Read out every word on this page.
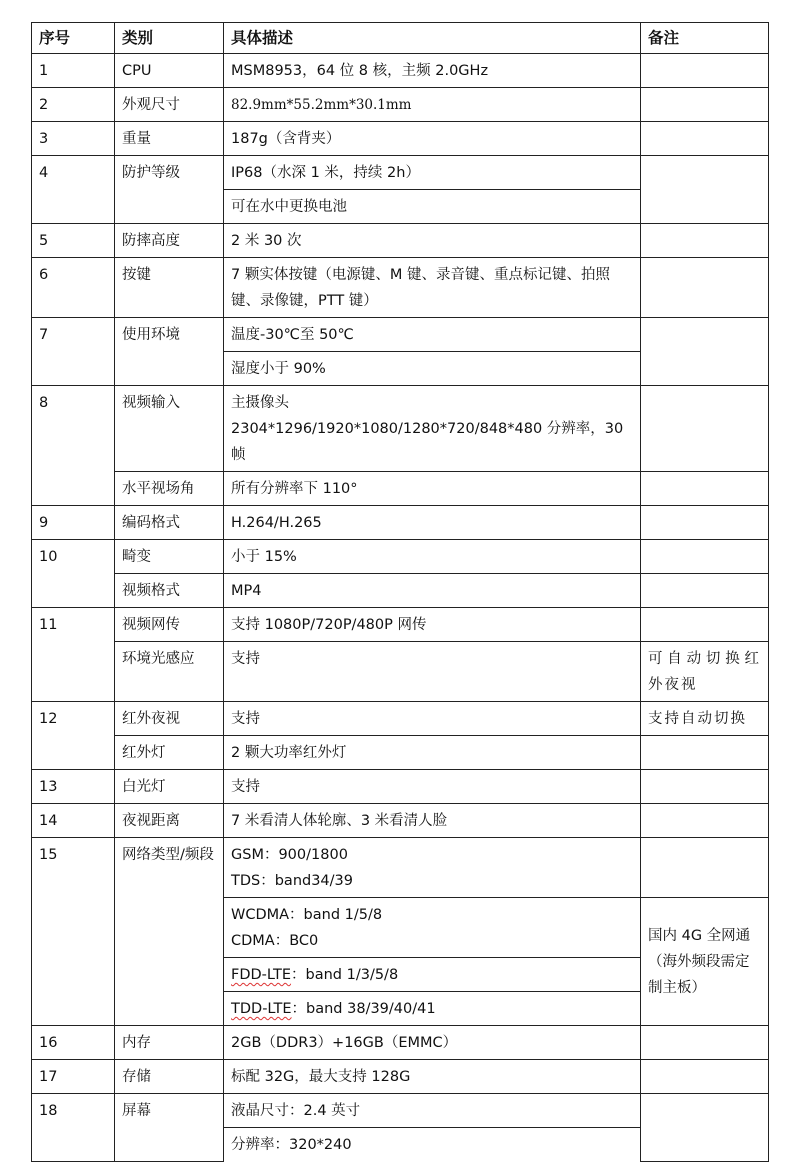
序号	类别	具体描述	备注
1	CPU	MSM8953，64 位 8 核，主频 2.0GHz	
2	外观尺寸	82.9mm*55.2mm*30.1mm	
3	重量	187g（含背夹）	
4	防护等级	IP68（水深 1 米，持续 2h）	
		可在水中更换电池	
5	防摔高度	2 米 30 次	
6	按键	7 颗实体按键（电源键、M 键、录音键、重点标记键、拍照键、录像键，PTT 键）	
7	使用环境	温度-30℃至 50℃	
		湿度小于 90%	
8	视频输入	主摄像头
2304*1296/1920*1080/1280*720/848*480 分辨率，30 帧	

	水平视场角	所有分辨率下 110°	
9	编码格式	H.264/H.265	
10	畸变	小于 15%	
	视频格式	MP4	
11	视频网传	支持 1080P/720P/480P 网传	
	环境光感应	支持	可自动切换红外夜视
12	红外夜视	支持	支持自动切换
	红外灯	2 颗大功率红外灯	
13	白光灯	支持	
14	夜视距离	7 米看清人体轮廓、3 米看清人脸	
15	网络类型/频段	GSM：900/1800
TDS：band34/39	

		WCDMA：band 1/5/8
CDMA：BC0	国内 4G 全网通（海外频段需定制主板）
		FDD-LTE：band 1/3/5/8	
		TDD-LTE：band 38/39/40/41	
16	内存	2GB（DDR3）+16GB（EMMC）	
17	存储	标配 32G，最大支持 128G	
18	屏幕	液晶尺寸：2.4 英寸	
		分辨率：320*240	
